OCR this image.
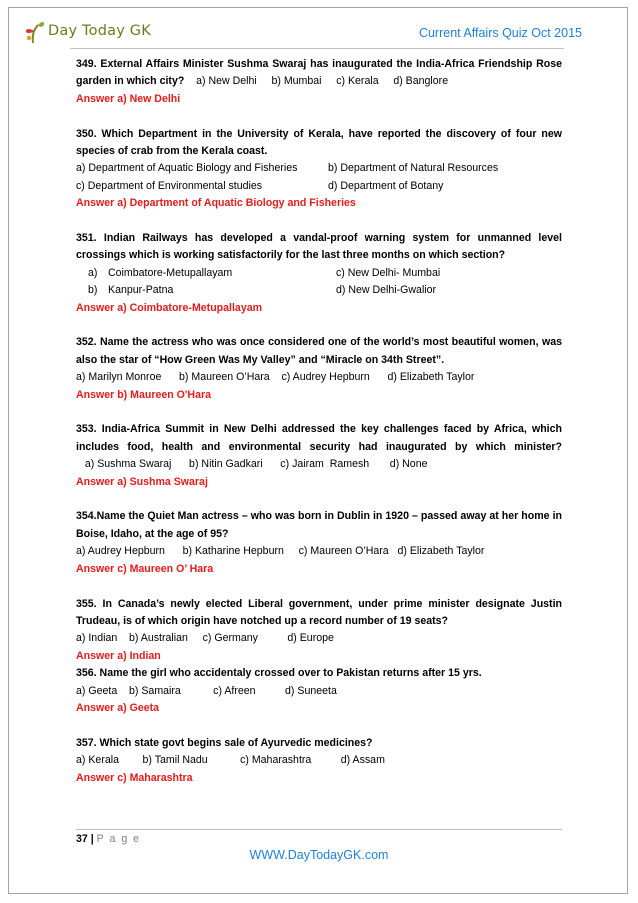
Day Today GK	Current Affairs Quiz Oct 2015

349. External Affairs Minister Sushma Swaraj has inaugurated the India-Africa Friendship Rose garden in which city? a) New Delhi     b) Mumbai     c) Kerala     d) Banglore

Answer a) New Delhi

350. Which Department in the University of Kerala, have reported the discovery of four new species of crab from the Kerala coast.

a) Department of Aquatic Biology and Fisheries	b) Department of Natural Resources
c) Department of Environmental studies	d) Department of Botany

Answer a) Department of Aquatic Biology and Fisheries

351. Indian Railways has developed a vandal-proof warning system for unmanned level crossings which is working satisfactorily for the last three months on which section?

a) Coimbatore-Metupallayam	c) New Delhi- Mumbai
b) Kanpur-Patna	d) New Delhi-Gwalior

Answer a) Coimbatore-Metupallayam

352. Name the actress who was once considered one of the world’s most beautiful women, was also the star of “How Green Was My Valley” and “Miracle on 34th Street”.

a) Marilyn Monroe      b) Maureen O’Hara    c) Audrey Hepburn      d) Elizabeth Taylor

Answer b) Maureen O'Hara

353. India-Africa Summit in New Delhi addressed the key challenges faced by Africa, which includes food, health and environmental security had inaugurated by which minister?    a) Sushma Swaraj      b) Nitin Gadkari      c) Jairam  Ramesh       d) None

Answer a) Sushma Swaraj

354.Name the Quiet Man actress – who was born in Dublin in 1920 – passed away at her home in Boise, Idaho, at the age of 95?

a) Audrey Hepburn      b) Katharine Hepburn     c) Maureen O’Hara   d) Elizabeth Taylor

Answer c) Maureen O’ Hara

355. In Canada’s newly elected Liberal government, under prime minister designate Justin Trudeau, is of which origin have notched up a record number of 19 seats?

a) Indian    b) Australian     c) Germany          d) Europe

Answer a) Indian

356. Name the girl who accidentaly crossed over to Pakistan returns after 15 yrs.

a) Geeta    b) Samaira           c) Afreen          d) Suneeta

Answer a) Geeta

357. Which state govt begins sale of Ayurvedic medicines?

a) Kerala        b) Tamil Nadu           c) Maharashtra          d) Assam

Answer c) Maharashtra

37 | P a g e
WWW.DayTodayGK.com
